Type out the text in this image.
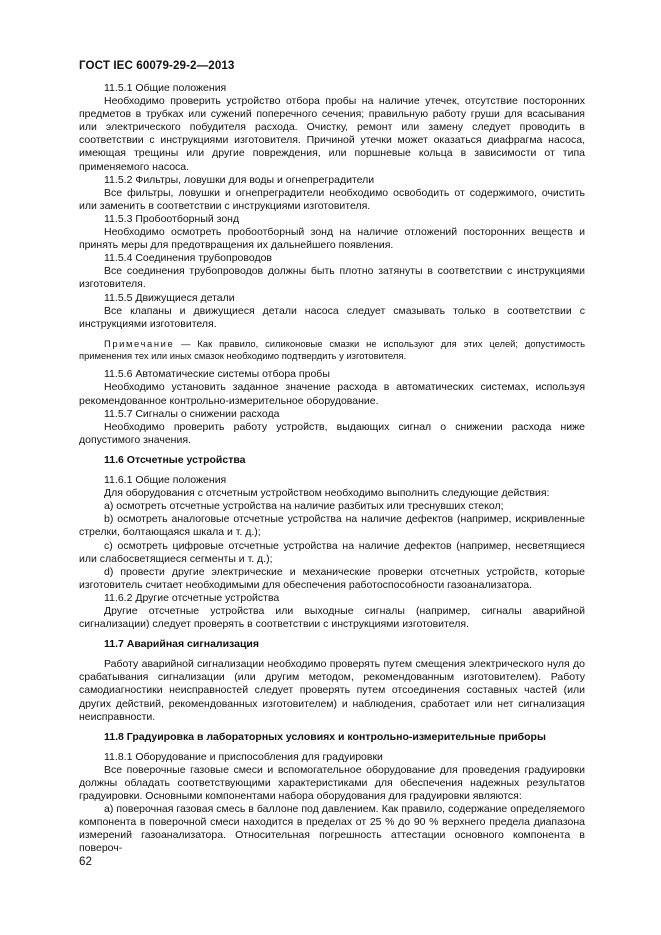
ГОСТ IEC 60079-29-2—2013

11.5.1 Общие положения

Необходимо проверить устройство отбора пробы на наличие утечек, отсутствие посторонних предметов в трубках или сужений поперечного сечения; правильную работу груши для всасывания или электрического побудителя расхода. Очистку, ремонт или замену следует проводить в соответствии с инструкциями изготовителя. Причиной утечки может оказаться диафрагма насоса, имеющая трещины или другие повреждения, или поршневые кольца в зависимости от типа применяемого насоса.

11.5.2 Фильтры, ловушки для воды и огнепреградители

Все фильтры, ловушки и огнепреградители необходимо освободить от содержимого, очистить или заменить в соответствии с инструкциями изготовителя.

11.5.3 Пробоотборный зонд

Необходимо осмотреть пробоотборный зонд на наличие отложений посторонних веществ и принять меры для предотвращения их дальнейшего появления.

11.5.4 Соединения трубопроводов

Все соединения трубопроводов должны быть плотно затянуты в соответствии с инструкциями изготовителя.

11.5.5 Движущиеся детали

Все клапаны и движущиеся детали насоса следует смазывать только в соответствии с инструкциями изготовителя.

Примечание — Как правило, силиконовые смазки не используют для этих целей; допустимость применения тех или иных смазок необходимо подтвердить у изготовителя.

11.5.6 Автоматические системы отбора пробы

Необходимо установить заданное значение расхода в автоматических системах, используя рекомендованное контрольно-измерительное оборудование.

11.5.7 Сигналы о снижении расхода

Необходимо проверить работу устройств, выдающих сигнал о снижении расхода ниже допустимого значения.

11.6 Отсчетные устройства

11.6.1 Общие положения

Для оборудования с отсчетным устройством необходимо выполнить следующие действия:

a) осмотреть отсчетные устройства на наличие разбитых или треснувших стекол;

b) осмотреть аналоговые отсчетные устройства на наличие дефектов (например, искривленные стрелки, болтающаяся шкала и т. д.);

c) осмотреть цифровые отсчетные устройства на наличие дефектов (например, несветящиеся или слабосветящиеся сегменты и т. д.);

d) провести другие электрические и механические проверки отсчетных устройств, которые изготовитель считает необходимыми для обеспечения работоспособности газоанализатора.

11.6.2 Другие отсчетные устройства

Другие отсчетные устройства или выходные сигналы (например, сигналы аварийной сигнализации) следует проверять в соответствии с инструкциями изготовителя.

11.7 Аварийная сигнализация

Работу аварийной сигнализации необходимо проверять путем смещения электрического нуля до срабатывания сигнализации (или другим методом, рекомендованным изготовителем). Работу самодиагностики неисправностей следует проверять путем отсоединения составных частей (или других действий, рекомендованных изготовителем) и наблюдения, сработает или нет сигнализация неисправности.

11.8 Градуировка в лабораторных условиях и контрольно-измерительные приборы

11.8.1 Оборудование и приспособления для градуировки

Все поверочные газовые смеси и вспомогательное оборудование для проведения градуировки должны обладать соответствующими характеристиками для обеспечения надежных результатов градуировки. Основными компонентами набора оборудования для градуировки являются:

а) поверочная газовая смесь в баллоне под давлением. Как правило, содержание определяемого компонента в поверочной смеси находится в пределах от 25 % до 90 % верхнего предела диапазона измерений газоанализатора. Относительная погрешность аттестации основного компонента в повероч-

62
